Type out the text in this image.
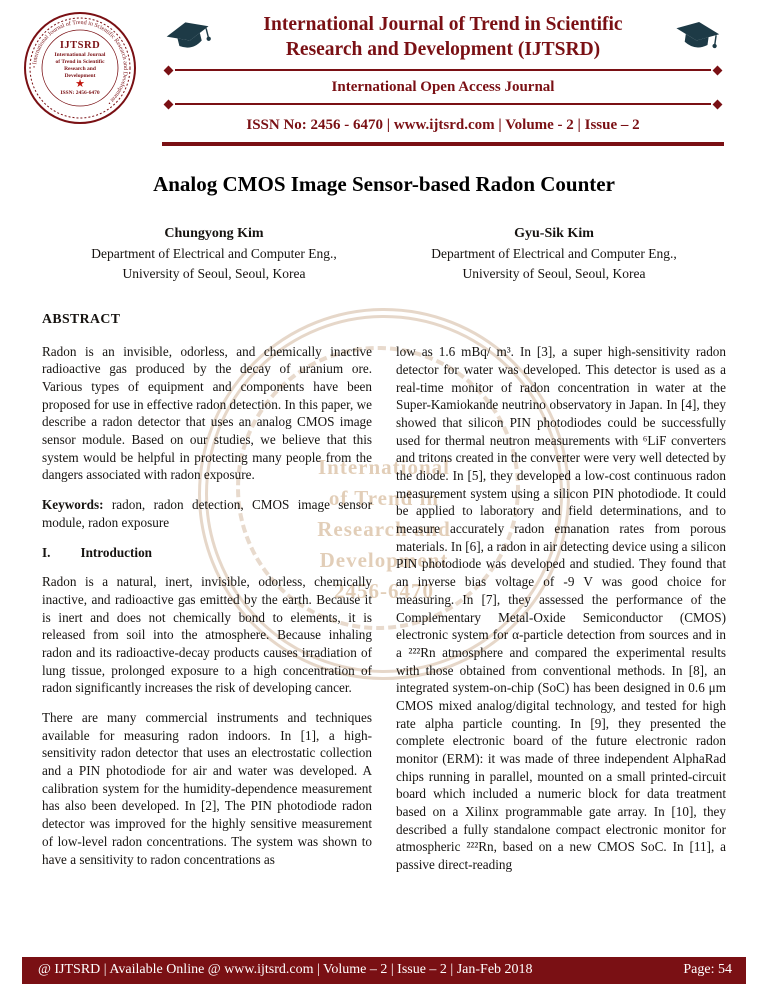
International
of Trend in
Research and
Development
2456-6470
• International Journal of Trend in Scientific Research and Development •
IJTSRD
International Journal
of Trend in Scientific
Research and
Development
★
ISSN: 2456-6470
International Journal of Trend in Scientific
Research and Development (IJTSRD)
International Open Access Journal
ISSN No: 2456 - 6470 | www.ijtsrd.com | Volume - 2 | Issue – 2
Analog CMOS Image Sensor-based Radon Counter
Chungyong Kim
Department of Electrical and Computer Eng.,
University of Seoul, Seoul, Korea
Gyu-Sik Kim
Department of Electrical and Computer Eng.,
University of Seoul, Seoul, Korea
ABSTRACT
Radon is an invisible, odorless, and chemically inactive radioactive gas produced by the decay of uranium ore. Various types of equipment and components have been proposed for use in effective radon detection. In this paper, we describe a radon detector that uses an analog CMOS image sensor module. Based on our studies, we believe that this system would be helpful in protecting many people from the dangers associated with radon exposure.
Keywords: radon, radon detection, CMOS image sensor module, radon exposure
I. Introduction
Radon is a natural, inert, invisible, odorless, chemically inactive, and radioactive gas emitted by the earth. Because it is inert and does not chemically bond to elements, it is released from soil into the atmosphere. Because inhaling radon and its radioactive-decay products causes irradiation of lung tissue, prolonged exposure to a high concentration of radon significantly increases the risk of developing cancer.
There are many commercial instruments and techniques available for measuring radon indoors. In [1], a high-sensitivity radon detector that uses an electrostatic collection and a PIN photodiode for air and water was developed. A calibration system for the humidity-dependence measurement has also been developed. In [2], The PIN photodiode radon detector was improved for the highly sensitive measurement of low-level radon concentrations. The system was shown to have a sensitivity to radon concentrations as
low as 1.6 mBq/ m³. In [3], a super high-sensitivity radon detector for water was developed. This detector is used as a real-time monitor of radon concentration in water at the Super-Kamiokande neutrino observatory in Japan. In [4], they showed that silicon PIN photodiodes could be successfully used for thermal neutron measurements with ⁶LiF converters and tritons created in the converter were very well detected by the diode. In [5], they developed a low-cost continuous radon measurement system using a silicon PIN photodiode. It could be applied to laboratory and field determinations, and to measure accurately radon emanation rates from porous materials. In [6], a radon in air detecting device using a silicon PIN photodiode was developed and studied. They found that an inverse bias voltage of -9 V was good choice for measuring. In [7], they assessed the performance of the Complementary Metal-Oxide Semiconductor (CMOS) electronic system for α-particle detection from sources and in a ²²²Rn atmosphere and compared the experimental results with those obtained from conventional methods. In [8], an integrated system-on-chip (SoC) has been designed in 0.6 μm CMOS mixed analog/digital technology, and tested for high rate alpha particle counting. In [9], they presented the complete electronic board of the future electronic radon monitor (ERM): it was made of three independent AlphaRad chips running in parallel, mounted on a small printed-circuit board which included a numeric block for data treatment based on a Xilinx programmable gate array. In [10], they described a fully standalone compact electronic monitor for atmospheric ²²²Rn, based on a new CMOS SoC. In [11], a passive direct-reading
@ IJTSRD | Available Online @ www.ijtsrd.com | Volume – 2 | Issue – 2 | Jan-Feb 2018	Page: 54
